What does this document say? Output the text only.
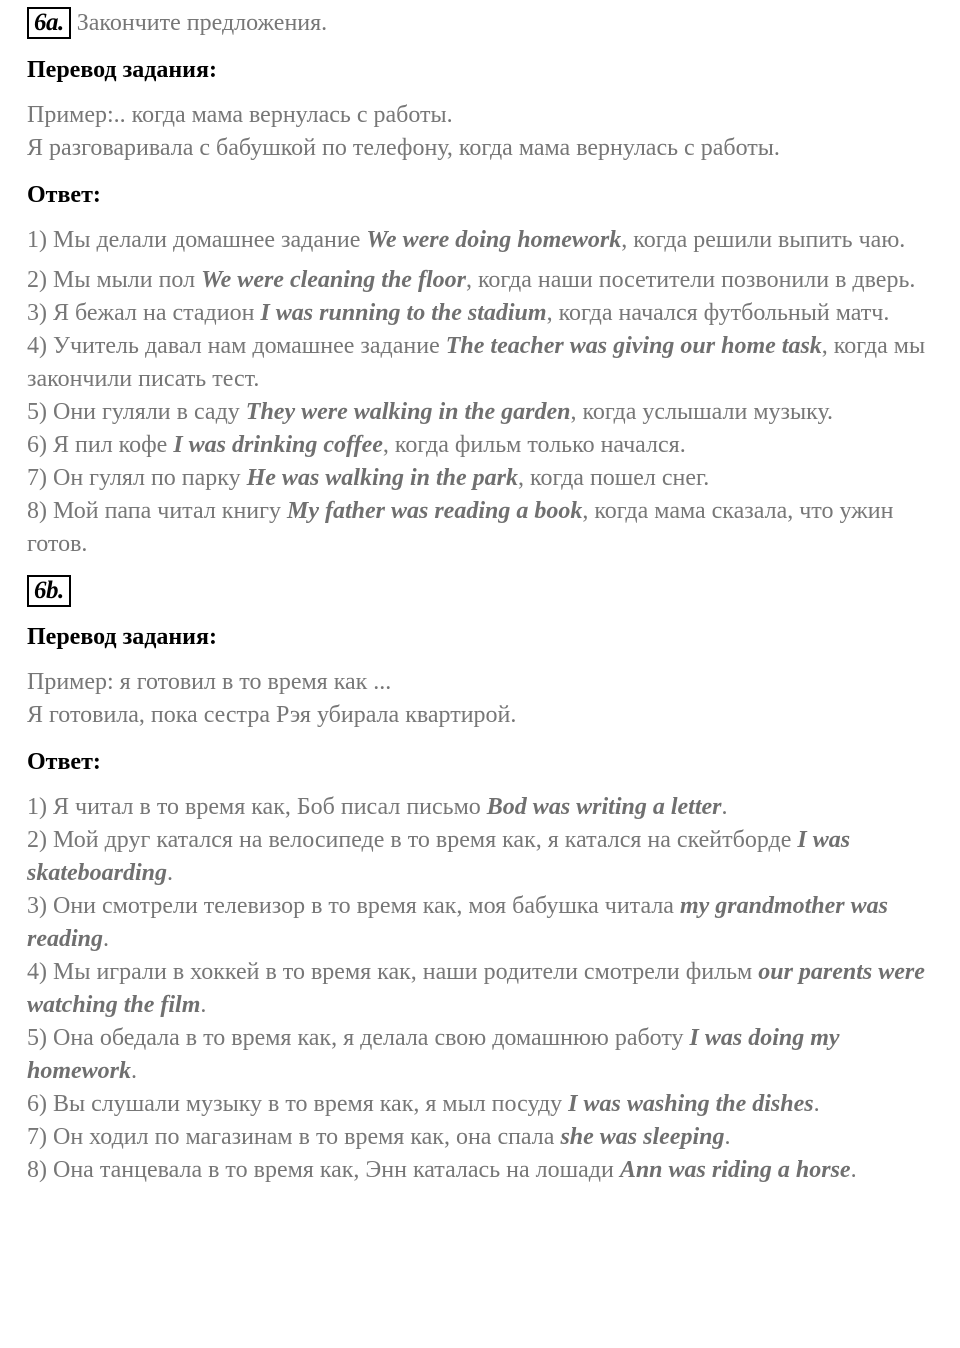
6a. Закончите предложения.
Перевод задания:
Пример:.. когда мама вернулась с работы.
Я разговаривала с бабушкой по телефону, когда мама вернулась с работы.
Ответ:
1) Мы делали домашнее задание We were doing homework, когда решили выпить чаю.
2) Мы мыли пол We were cleaning the floor, когда наши посетители позвонили в дверь.
3) Я бежал на стадион I was running to the stadium, когда начался футбольный матч.
4) Учитель давал нам домашнее задание The teacher was giving our home task, когда мы закончили писать тест.
5) Они гуляли в саду They were walking in the garden, когда услышали музыку.
6) Я пил кофе I was drinking coffee, когда фильм только начался.
7) Он гулял по парку He was walking in the park, когда пошел снег.
8) Мой папа читал книгу My father was reading a book, когда мама сказала, что ужин готов.
6b.
Перевод задания:
Пример: я готовил в то время как ...
Я готовила, пока сестра Рэя убирала квартирой.
Ответ:
1) Я читал в то время как, Боб писал письмо Bod was writing a letter.
2) Мой друг катался на велосипеде в то время как, я катался на скейтборде I was skateboarding.
3) Они смотрели телевизор в то время как, моя бабушка читала my grandmother was reading.
4) Мы играли в хоккей в то время как, наши родители смотрели фильм our parents were watching the film.
5) Она обедала в то время как, я делала свою домашнюю работу I was doing my homework.
6) Вы слушали музыку в то время как, я мыл посуду I was washing the dishes.
7) Он ходил по магазинам в то время как, она спала she was sleeping.
8) Она танцевала в то время как, Энн каталась на лошади Ann was riding a horse.
